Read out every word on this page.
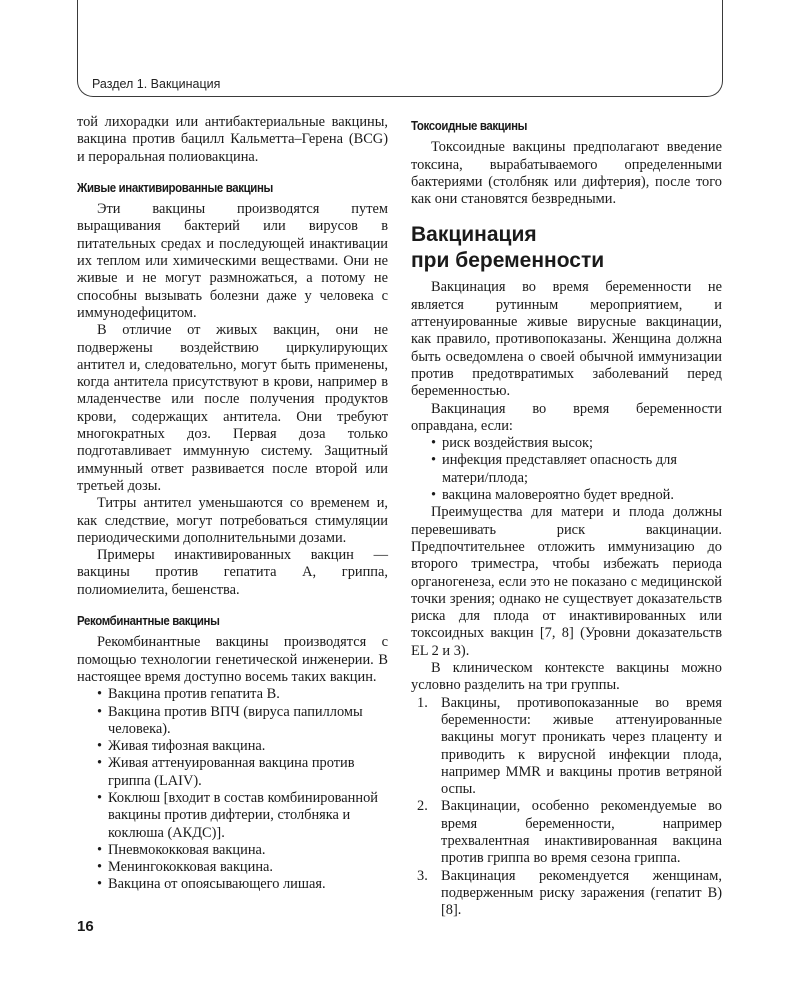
Раздел 1. Вакцинация

той лихорадки или антибактериальные вакцины, вакцина против бацилл Кальметта–Герена (BCG) и пероральная полиовакцина.

Живые инактивированные вакцины

Эти вакцины производятся путем выращивания бактерий или вирусов в питательных средах и последующей инактивации их теплом или химическими веществами. Они не живые и не могут размножаться, а потому не способны вызывать болезни даже у человека с иммунодефицитом.

В отличие от живых вакцин, они не подвержены воздействию циркулирующих антител и, следовательно, могут быть применены, когда антитела присутствуют в крови, например в младенчестве или после получения продуктов крови, содержащих антитела. Они требуют многократных доз. Первая доза только подготавливает иммунную систему. Защитный иммунный ответ развивается после второй или третьей дозы.

Титры антител уменьшаются со временем и, как следствие, могут потребоваться стимуляции периодическими дополнительными дозами.

Примеры инактивированных вакцин — вакцины против гепатита А, гриппа, полиомиелита, бешенства.

Рекомбинантные вакцины

Рекомбинантные вакцины производятся с помощью технологии генетической инженерии. В настоящее время доступно восемь таких вакцин.

• Вакцина против гепатита B.
• Вакцина против ВПЧ (вируса папилломы человека).
• Живая тифозная вакцина.
• Живая аттенуированная вакцина против гриппа (LAIV).
• Коклюш [входит в состав комбинированной вакцины против дифтерии, столбняка и коклюша (АКДС)].
• Пневмококковая вакцина.
• Менингококковая вакцина.
• Вакцина от опоясывающего лишая.
Токсоидные вакцины

Токсоидные вакцины предполагают введение токсина, вырабатываемого определенными бактериями (столбняк или дифтерия), после того как они становятся безвредными.

Вакцинация
при беременности

Вакцинация во время беременности не является рутинным мероприятием, и аттенуированные живые вирусные вакцинации, как правило, противопоказаны. Женщина должна быть осведомлена о своей обычной иммунизации против предотвратимых заболеваний перед беременностью.

Вакцинация во время беременности оправдана, если:

• риск воздействия высок;
• инфекция представляет опасность для матери/плода;
• вакцина маловероятно будет вредной.

Преимущества для матери и плода должны перевешивать риск вакцинации. Предпочтительнее отложить иммунизацию до второго триместра, чтобы избежать периода органогенеза, если это не показано с медицинской точки зрения; однако не существует доказательств риска для плода от инактивированных или токсоидных вакцин [7, 8] (Уровни доказательств EL 2 и 3).

В клиническом контексте вакцины можно условно разделить на три группы.

1. Вакцины, противопоказанные во время беременности: живые аттенуированные вакцины могут проникать через плаценту и приводить к вирусной инфекции плода, например MMR и вакцины против ветряной оспы.
2. Вакцинации, особенно рекомендуемые во время беременности, например трехвалентная инактивированная вакцина против гриппа во время сезона гриппа.
3. Вакцинация рекомендуется женщинам, подверженным риску заражения (гепатит B) [8].
16
